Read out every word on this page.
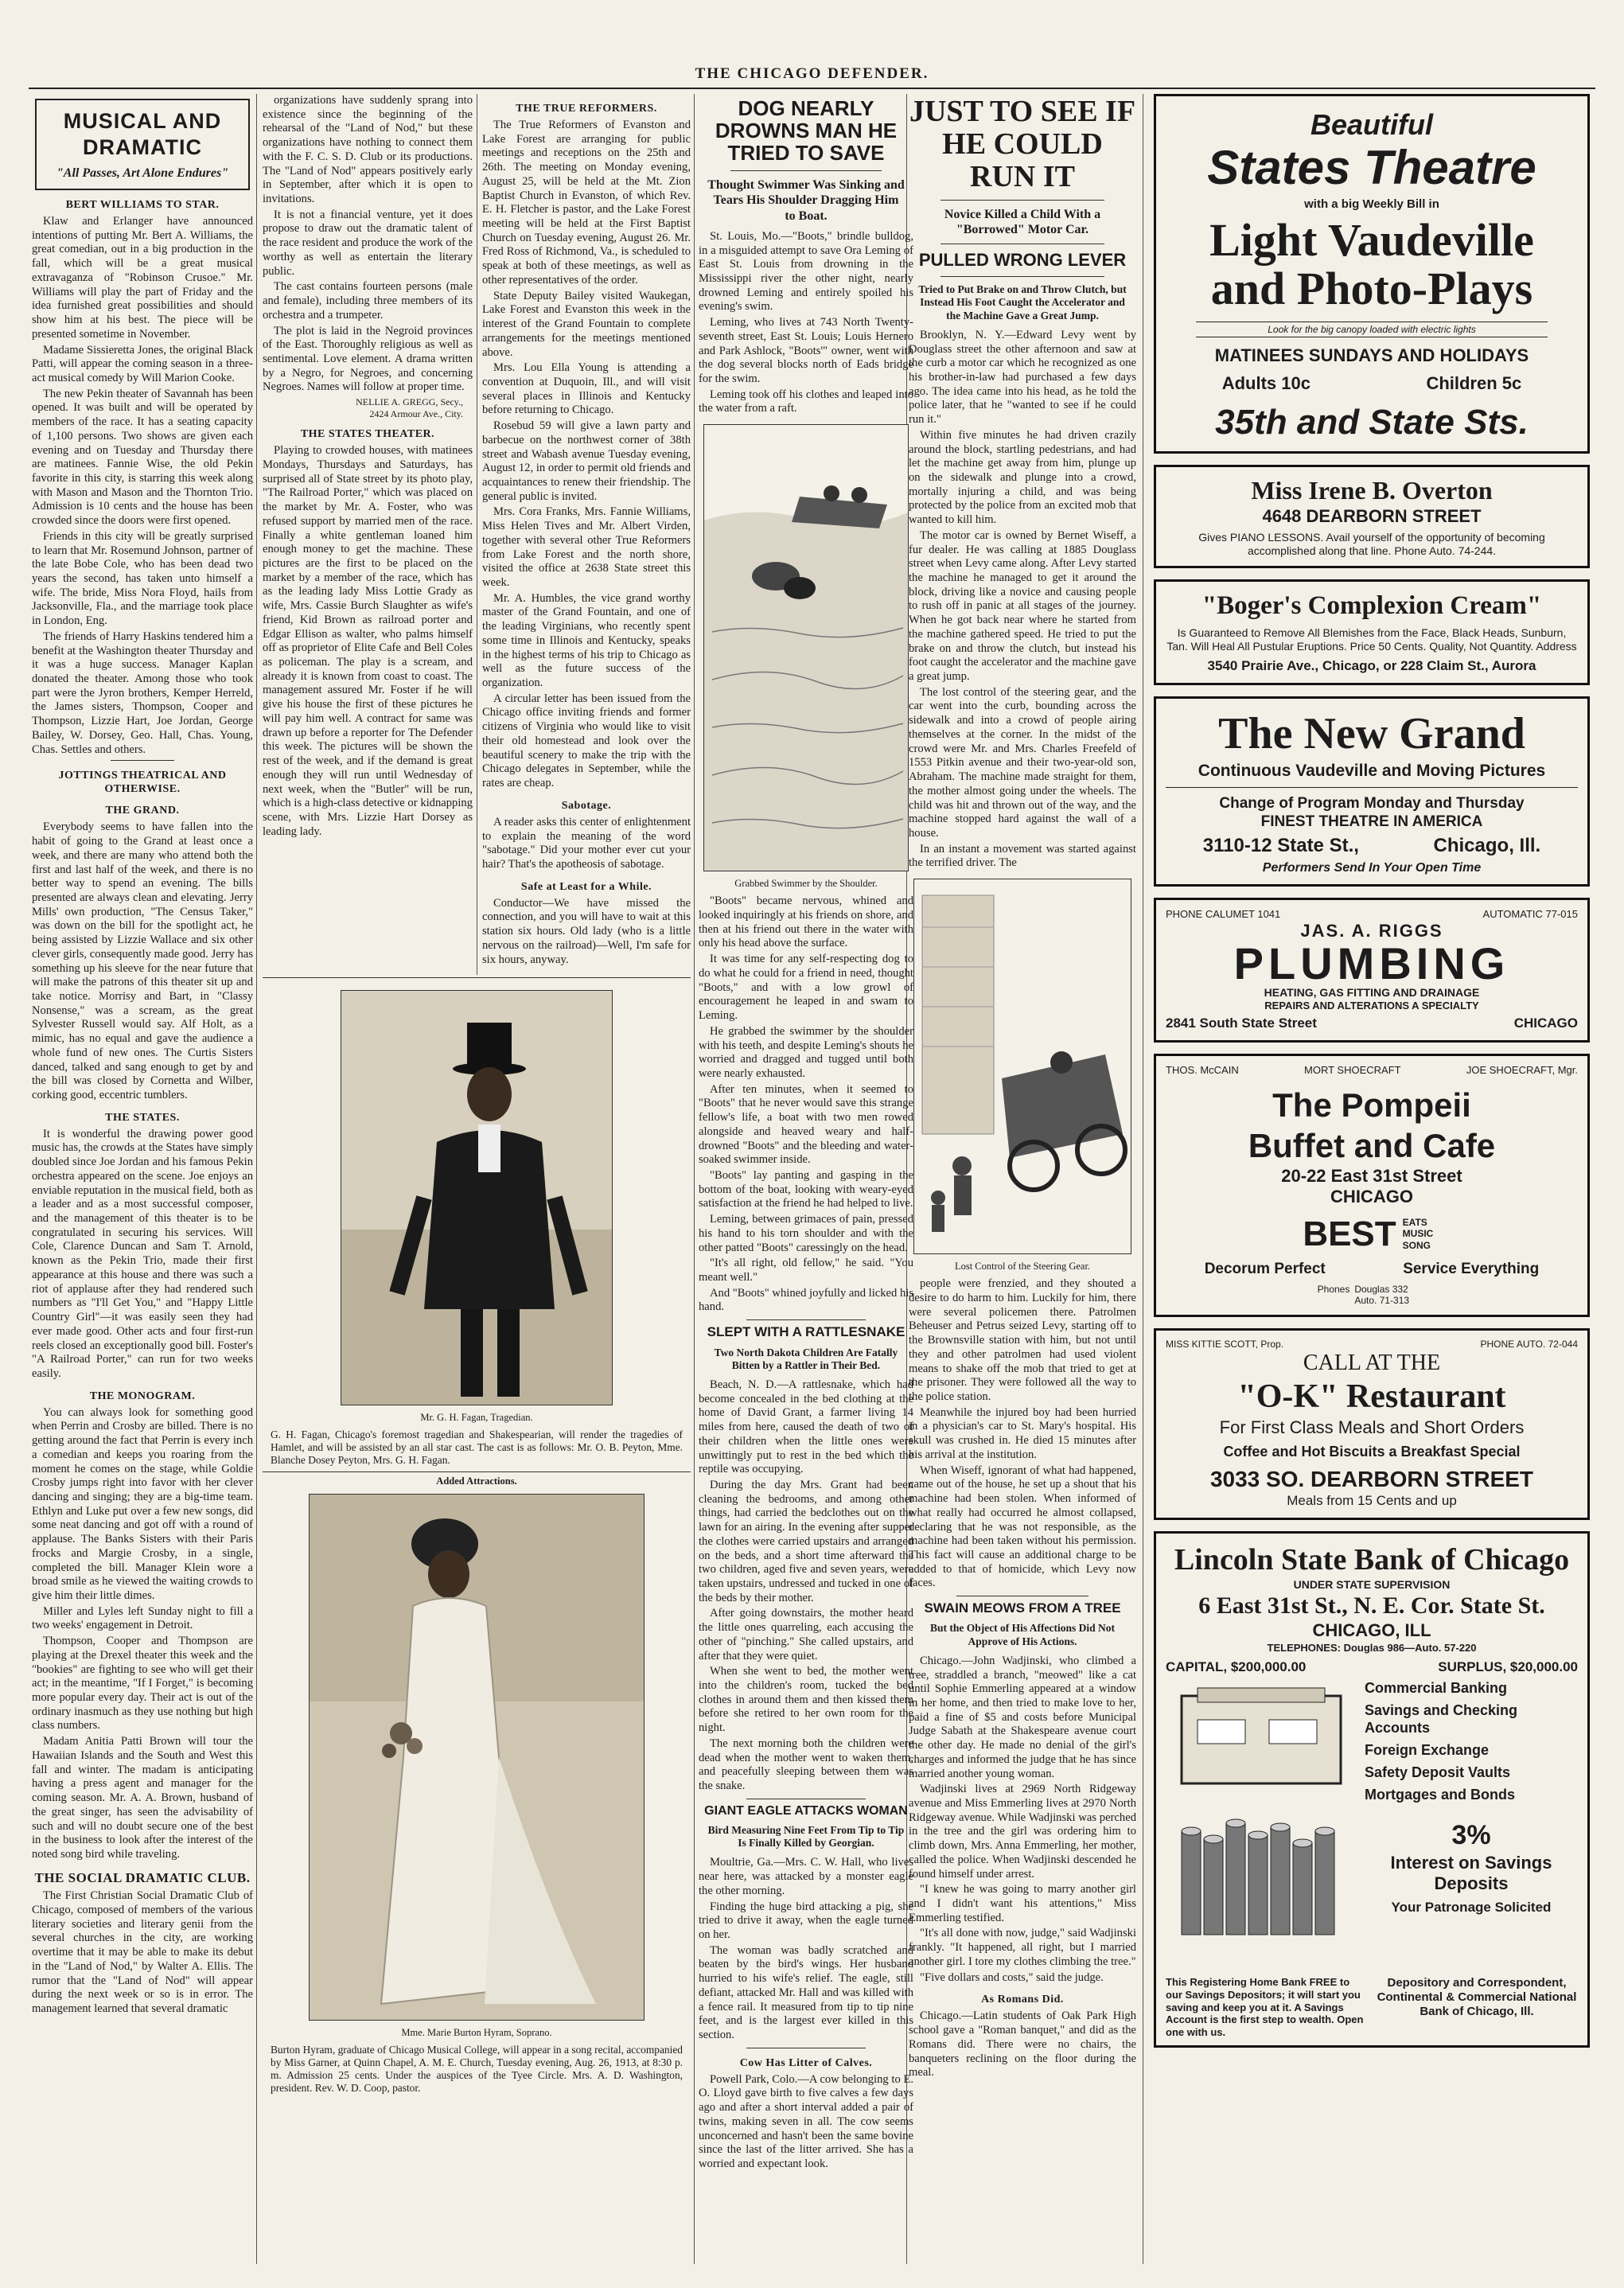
THE CHICAGO DEFENDER.
MUSICAL AND DRAMATIC
"All Passes, Art Alone Endures"
BERT WILLIAMS TO STAR.

Klaw and Erlanger have announced intentions of putting Mr. Bert A. Williams, the great comedian, out in a big production in the fall, which will be a great musical extravaganza of "Robinson Crusoe." Mr. Williams will play the part of Friday and the idea furnished great possibilities and should show him at his best. The piece will be presented sometime in November.

Madame Sissieretta Jones, the original Black Patti, will appear the coming season in a three-act musical comedy by Will Marion Cooke.

The new Pekin theater of Savannah has been opened. It was built and will be operated by members of the race. It has a seating capacity of 1,100 persons. Two shows are given each evening and on Tuesday and Thursday there are matinees. Fannie Wise, the old Pekin favorite in this city, is starring this week along with Mason and Mason and the Thornton Trio. Admission is 10 cents and the house has been crowded since the doors were first opened.

Friends in this city will be greatly surprised to learn that Mr. Rosemund Johnson, partner of the late Bobe Cole, who has been dead two years the second, has taken unto himself a wife. The bride, Miss Nora Floyd, hails from Jacksonville, Fla., and the marriage took place in London, Eng.

The friends of Harry Haskins tendered him a benefit at the Washington theater Thursday and it was a huge success. Manager Kaplan donated the theater. Among those who took part were the Jyron brothers, Kemper Herreld, the James sisters, Thompson, Cooper and Thompson, Lizzie Hart, Joe Jordan, George Bailey, W. Dorsey, Geo. Hall, Chas. Young, Chas. Settles and others.

JOTTINGS THEATRICAL AND OTHERWISE.
THE GRAND.

Everybody seems to have fallen into the habit of going to the Grand at least once a week, and there are many who attend both the first and last half of the week, and there is no better way to spend an evening. The bills presented are always clean and elevating. Jerry Mills' own production, "The Census Taker," was down on the bill for the spotlight act, he being assisted by Lizzie Wallace and six other clever girls, consequently made good. Jerry has something up his sleeve for the near future that will make the patrons of this theater sit up and take notice. Morrisy and Bart, in "Classy Nonsense," was a scream, as the great Sylvester Russell would say. Alf Holt, as a mimic, has no equal and gave the audience a whole fund of new ones. The Curtis Sisters danced, talked and sang enough to get by and the bill was closed by Cornetta and Wilber, corking good, eccentric tumblers.

THE STATES.

It is wonderful the drawing power good music has, the crowds at the States have simply doubled since Joe Jordan and his famous Pekin orchestra appeared on the scene. Joe enjoys an enviable reputation in the musical field, both as a leader and as a most successful composer, and the management of this theater is to be congratulated in securing his services. Will Cole, Clarence Duncan and Sam T. Arnold, known as the Pekin Trio, made their first appearance at this house and there was such a riot of applause after they had rendered such numbers as "I'll Get You," and "Happy Little Country Girl"—it was easily seen they had ever made good. Other acts and four first-run reels closed an exceptionally good bill. Foster's "A Railroad Porter," can run for two weeks easily.

THE MONOGRAM.

You can always look for something good when Perrin and Crosby are billed. There is no getting around the fact that Perrin is every inch a comedian and keeps you roaring from the moment he comes on the stage, while Goldie Crosby jumps right into favor with her clever dancing and singing; they are a big-time team. Ethlyn and Luke put over a few new songs, did some neat dancing and got off with a round of applause. The Banks Sisters with their Paris frocks and Margie Crosby, in a single, completed the bill. Manager Klein wore a broad smile as he viewed the waiting crowds to give him their little dimes.

Miller and Lyles left Sunday night to fill a two weeks' engagement in Detroit.

Thompson, Cooper and Thompson are playing at the Drexel theater this week and the "bookies" are fighting to see who will get their act; in the meantime, "If I Forget," is becoming more popular every day. Their act is out of the ordinary inasmuch as they use nothing but high class numbers.

Madam Anitia Patti Brown will tour the Hawaiian Islands and the South and West this fall and winter. The madam is anticipating having a press agent and manager for the coming season. Mr. A. A. Brown, husband of the great singer, has seen the advisability of such and will no doubt secure one of the best in the business to look after the interest of the noted song bird while traveling.

THE SOCIAL DRAMATIC CLUB.

The First Christian Social Dramatic Club of Chicago, composed of members of the various literary societies and literary genii from the several churches in the city, are working overtime that it may be able to make its debut in the "Land of Nod," by Walter A. Ellis. The rumor that the "Land of Nod" will appear during the next week or so is in error. The management learned that several dramatic

organizations have suddenly sprang into existence since the beginning of the rehearsal of the "Land of Nod," but these organizations have nothing to connect them with the F. C. S. D. Club or its productions. The "Land of Nod" appears positively early in September, after which it is open to invitations.

It is not a financial venture, yet it does propose to draw out the dramatic talent of the race resident and produce the work of the worthy as well as entertain the literary public.

The cast contains fourteen persons (male and female), including three members of its orchestra and a trumpeter.

The plot is laid in the Negroid provinces of the East. Thoroughly religious as well as sentimental. Love element. A drama written by a Negro, for Negroes, and concerning Negroes. Names will follow at proper time.

NELLIE A. GREGG, Secy.,
2424 Armour Ave., City.
THE STATES THEATER.

Playing to crowded houses, with matinees Mondays, Thursdays and Saturdays, has surprised all of State street by its photo play, "The Railroad Porter," which was placed on the market by Mr. A. Foster, who was refused support by married men of the race. Finally a white gentleman loaned him enough money to get the machine. These pictures are the first to be placed on the market by a member of the race, which has as the leading lady Miss Lottie Grady as wife, Mrs. Cassie Burch Slaughter as wife's friend, Kid Brown as railroad porter and Edgar Ellison as walter, who palms himself off as proprietor of Elite Cafe and Bell Coles as policeman. The play is a scream, and already it is known from coast to coast. The management assured Mr. Foster if he will give his house the first of these pictures he will pay him well. A contract for same was drawn up before a reporter for The Defender this week. The pictures will be shown the rest of the week, and if the demand is great enough they will run until Wednesday of next week, when the "Butler" will be run, which is a high-class detective or kidnapping scene, with Mrs. Lizzie Hart Dorsey as leading lady.

THE TRUE REFORMERS.

The True Reformers of Evanston and Lake Forest are arranging for public meetings and receptions on the 25th and 26th. The meeting on Monday evening, August 25, will be held at the Mt. Zion Baptist Church in Evanston, of which Rev. E. H. Fletcher is pastor, and the Lake Forest meeting will be held at the First Baptist Church on Tuesday evening, August 26. Mr. Fred Ross of Richmond, Va., is scheduled to speak at both of these meetings, as well as other representatives of the order.

State Deputy Bailey visited Waukegan, Lake Forest and Evanston this week in the interest of the Grand Fountain to complete arrangements for the meetings mentioned above.

Mrs. Lou Ella Young is attending a convention at Duquoin, Ill., and will visit several places in Illinois and Kentucky before returning to Chicago.

Rosebud 59 will give a lawn party and barbecue on the northwest corner of 38th street and Wabash avenue Tuesday evening, August 12, in order to permit old friends and acquaintances to renew their friendship. The general public is invited.

Mrs. Cora Franks, Mrs. Fannie Williams, Miss Helen Tives and Mr. Albert Virden, together with several other True Reformers from Lake Forest and the north shore, visited the office at 2638 State street this week.

Mr. A. Humbles, the vice grand worthy master of the Grand Fountain, and one of the leading Virginians, who recently spent some time in Illinois and Kentucky, speaks in the highest terms of his trip to Chicago as well as the future success of the organization.

A circular letter has been issued from the Chicago office inviting friends and former citizens of Virginia who would like to visit their old homestead and look over the beautiful scenery to make the trip with the Chicago delegates in September, while the rates are cheap.

Sabotage.

A reader asks this center of enlightenment to explain the meaning of the word "sabotage." Did your mother ever cut your hair? That's the apotheosis of sabotage.

Safe at Least for a While.

Conductor—We have missed the connection, and you will have to wait at this station six hours. Old lady (who is a little nervous on the railroad)—Well, I'm safe for six hours, anyway.

Mr. G. H. Fagan, Tragedian.
G. H. Fagan, Chicago's foremost tragedian and Shakespearian, will render the tragedies of Hamlet, and will be assisted by an all star cast. The cast is as follows: Mr. O. B. Peyton, Mme. Blanche Dosey Peyton, Mrs. G. H. Fagan.
Added Attractions.
Mme. Marie Burton Hyram, Soprano.
Burton Hyram, graduate of Chicago Musical College, will appear in a song recital, accompanied by Miss Garner, at Quinn Chapel, A. M. E. Church, Tuesday evening, Aug. 26, 1913, at 8:30 p. m. Admission 25 cents. Under the auspices of the Tyee Circle. Mrs. A. D. Washington, president. Rev. W. D. Coop, pastor.
DOG NEARLY DROWNS MAN HE TRIED TO SAVE
Thought Swimmer Was Sinking and Tears His Shoulder Dragging Him to Boat.

St. Louis, Mo.—"Boots," brindle bulldog, in a misguided attempt to save Ora Leming of East St. Louis from drowning in the Mississippi river the other night, nearly drowned Leming and entirely spoiled his evening's swim.

Leming, who lives at 743 North Twenty-seventh street, East St. Louis; Louis Hernero and Park Ashlock, "Boots'" owner, went with the dog several blocks north of Eads bridge for the swim.

Leming took off his clothes and leaped into the water from a raft.

Grabbed Swimmer by the Shoulder.

"Boots" became nervous, whined and looked inquiringly at his friends on shore, and then at his friend out there in the water with only his head above the surface.

It was time for any self-respecting dog to do what he could for a friend in need, thought "Boots," and with a low growl of encouragement he leaped in and swam to Leming.

He grabbed the swimmer by the shoulder with his teeth, and despite Leming's shouts he worried and dragged and tugged until both were nearly exhausted.

After ten minutes, when it seemed to "Boots" that he never would save this strange fellow's life, a boat with two men rowed alongside and heaved weary and half-drowned "Boots" and the bleeding and water-soaked swimmer inside.

"Boots" lay panting and gasping in the bottom of the boat, looking with weary-eyed satisfaction at the friend he had helped to live.

Leming, between grimaces of pain, pressed his hand to his torn shoulder and with the other patted "Boots" caressingly on the head.

"It's all right, old fellow," he said. "You meant well."

And "Boots" whined joyfully and licked his hand.

SLEPT WITH A RATTLESNAKE
Two North Dakota Children Are Fatally Bitten by a Rattler in Their Bed.

Beach, N. D.—A rattlesnake, which had become concealed in the bed clothing at the home of David Grant, a farmer living 14 miles from here, caused the death of two of their children when the little ones were unwittingly put to rest in the bed which the reptile was occupying.

During the day Mrs. Grant had been cleaning the bedrooms, and among other things, had carried the bedclothes out on the lawn for an airing. In the evening after supper the clothes were carried upstairs and arranged on the beds, and a short time afterward the two children, aged five and seven years, were taken upstairs, undressed and tucked in one of the beds by their mother.

After going downstairs, the mother heard the little ones quarreling, each accusing the other of "pinching." She called upstairs, and after that they were quiet.

When she went to bed, the mother went into the children's room, tucked the bed clothes in around them and then kissed them before she retired to her own room for the night.

The next morning both the children were dead when the mother went to waken them, and peacefully sleeping between them was the snake.

GIANT EAGLE ATTACKS WOMAN
Bird Measuring Nine Feet From Tip to Tip Is Finally Killed by Georgian.

Moultrie, Ga.—Mrs. C. W. Hall, who lives near here, was attacked by a monster eagle the other morning.

Finding the huge bird attacking a pig, she tried to drive it away, when the eagle turned on her.

The woman was badly scratched and beaten by the bird's wings. Her husband hurried to his wife's relief. The eagle, still defiant, attacked Mr. Hall and was killed with a fence rail. It measured from tip to tip nine feet, and is the largest ever killed in this section.

Cow Has Litter of Calves.

Powell Park, Colo.—A cow belonging to E. O. Lloyd gave birth to five calves a few days ago and after a short interval added a pair of twins, making seven in all. The cow seems unconcerned and hasn't been the same bovine since the last of the litter arrived. She has a worried and expectant look.

JUST TO SEE IF
HE COULD RUN IT
Novice Killed a Child With a "Borrowed" Motor Car.
PULLED WRONG LEVER
Tried to Put Brake on and Throw Clutch, but Instead His Foot Caught the Accelerator and the Machine Gave a Great Jump.

Brooklyn, N. Y.—Edward Levy went by Douglass street the other afternoon and saw at the curb a motor car which he recognized as one his brother-in-law had purchased a few days ago. The idea came into his head, as he told the police later, that he "wanted to see if he could run it."

Within five minutes he had driven crazily around the block, startling pedestrians, and had let the machine get away from him, plunge up on the sidewalk and plunge into a crowd, mortally injuring a child, and was being protected by the police from an excited mob that wanted to kill him.

The motor car is owned by Bernet Wiseff, a fur dealer. He was calling at 1885 Douglass street when Levy came along. After Levy started the machine he managed to get it around the block, driving like a novice and causing people to rush off in panic at all stages of the journey. When he got back near where he started from the machine gathered speed. He tried to put the brake on and throw the clutch, but instead his foot caught the accelerator and the machine gave a great jump.

The lost control of the steering gear, and the car went into the curb, bounding across the sidewalk and into a crowd of people airing themselves at the corner. In the midst of the crowd were Mr. and Mrs. Charles Freefeld of 1553 Pitkin avenue and their two-year-old son, Abraham. The machine made straight for them, the mother almost going under the wheels. The child was hit and thrown out of the way, and the machine stopped hard against the wall of a house.

In an instant a movement was started against the terrified driver. The

Lost Control of the Steering Gear.

people were frenzied, and they shouted a desire to do harm to him. Luckily for him, there were several policemen there. Patrolmen Beheuser and Petrus seized Levy, starting off to the Brownsville station with him, but not until they and other patrolmen had used violent means to shake off the mob that tried to get at the prisoner. They were followed all the way to the police station.

Meanwhile the injured boy had been hurried in a physician's car to St. Mary's hospital. His skull was crushed in. He died 15 minutes after his arrival at the institution.

When Wiseff, ignorant of what had happened, came out of the house, he set up a shout that his machine had been stolen. When informed of what really had occurred he almost collapsed, declaring that he was not responsible, as the machine had been taken without his permission. This fact will cause an additional charge to be added to that of homicide, which Levy now faces.

SWAIN MEOWS FROM A TREE
But the Object of His Affections Did Not Approve of His Actions.

Chicago.—John Wadjinski, who climbed a tree, straddled a branch, "meowed" like a cat until Sophie Emmerling appeared at a window in her home, and then tried to make love to her, paid a fine of $5 and costs before Municipal Judge Sabath at the Shakespeare avenue court the other day. He made no denial of the girl's charges and informed the judge that he has since married another young woman.

Wadjinski lives at 2969 North Ridgeway avenue and Miss Emmerling lives at 2970 North Ridgeway avenue. While Wadjinski was perched in the tree and the girl was ordering him to climb down, Mrs. Anna Emmerling, her mother, called the police. When Wadjinski descended he found himself under arrest.

"I knew he was going to marry another girl and I didn't want his attentions," Miss Emmerling testified.

"It's all done with now, judge," said Wadjinski frankly. "It happened, all right, but I married another girl. I tore my clothes climbing the tree."

"Five dollars and costs," said the judge.

As Romans Did.

Chicago.—Latin students of Oak Park High school gave a "Roman banquet," and did as the Romans did. There were no chairs, the banqueters reclining on the floor during the meal.

Beautiful
States Theatre
with a big Weekly Bill in
Light Vaudeville
and Photo-Plays
Look for the big canopy loaded with electric lights
MATINEES SUNDAYS AND HOLIDAYS
Adults 10c	Children 5c
35th and State Sts.
Miss Irene B. Overton
4648 DEARBORN STREET
Gives PIANO LESSONS. Avail yourself of the opportunity of becoming accomplished along that line. Phone Auto. 74-244.
"Boger's Complexion Cream"
Is Guaranteed to Remove All Blemishes from the Face, Black Heads, Sunburn, Tan. Will Heal All Pustular Eruptions. Price 50 Cents. Quality, Not Quantity. Address
3540 Prairie Ave., Chicago, or 228 Claim St., Aurora
The New Grand
Continuous Vaudeville and Moving Pictures
Change of Program Monday and Thursday
FINEST THEATRE IN AMERICA
3110-12 State St.,	Chicago, Ill.
Performers Send In Your Open Time
PHONE CALUMET 1041	AUTOMATIC 77-015
JAS. A. RIGGS
PLUMBING
HEATING, GAS FITTING AND DRAINAGE
REPAIRS AND ALTERATIONS A SPECIALTY
2841 South State Street	CHICAGO
THOS. McCAIN	MORT SHOECRAFT	JOE SHOECRAFT, Mgr.
The Pompeii
Buffet and Cafe
20-22 East 31st Street
CHICAGO
BEST EATS MUSIC SONG
Decorum Perfect	Service Everything
Phones Douglas 332 Auto. 71-313
MISS KITTIE SCOTT, Prop.	PHONE AUTO. 72-044
CALL AT THE
"O-K" Restaurant
For First Class Meals and Short Orders
Coffee and Hot Biscuits a Breakfast Special
3033 SO. DEARBORN STREET
Meals from 15 Cents and up
Lincoln State Bank of Chicago
UNDER STATE SUPERVISION
6 East 31st St., N. E. Cor. State St.
CHICAGO, ILL
TELEPHONES: Douglas 986—Auto. 57-220
CAPITAL, $200,000.00	SURPLUS, $20,000.00
Commercial Banking
Savings and Checking Accounts
Foreign Exchange
Safety Deposit Vaults
Mortgages and Bonds
3%
Interest on Savings
Deposits
Your Patronage Solicited
This Registering Home Bank FREE to our Savings Depositors; it will start you saving and keep you at it. A Savings Account is the first step to wealth. Open one with us.
Depository and Correspondent, Continental & Commercial National Bank of Chicago, Ill.
